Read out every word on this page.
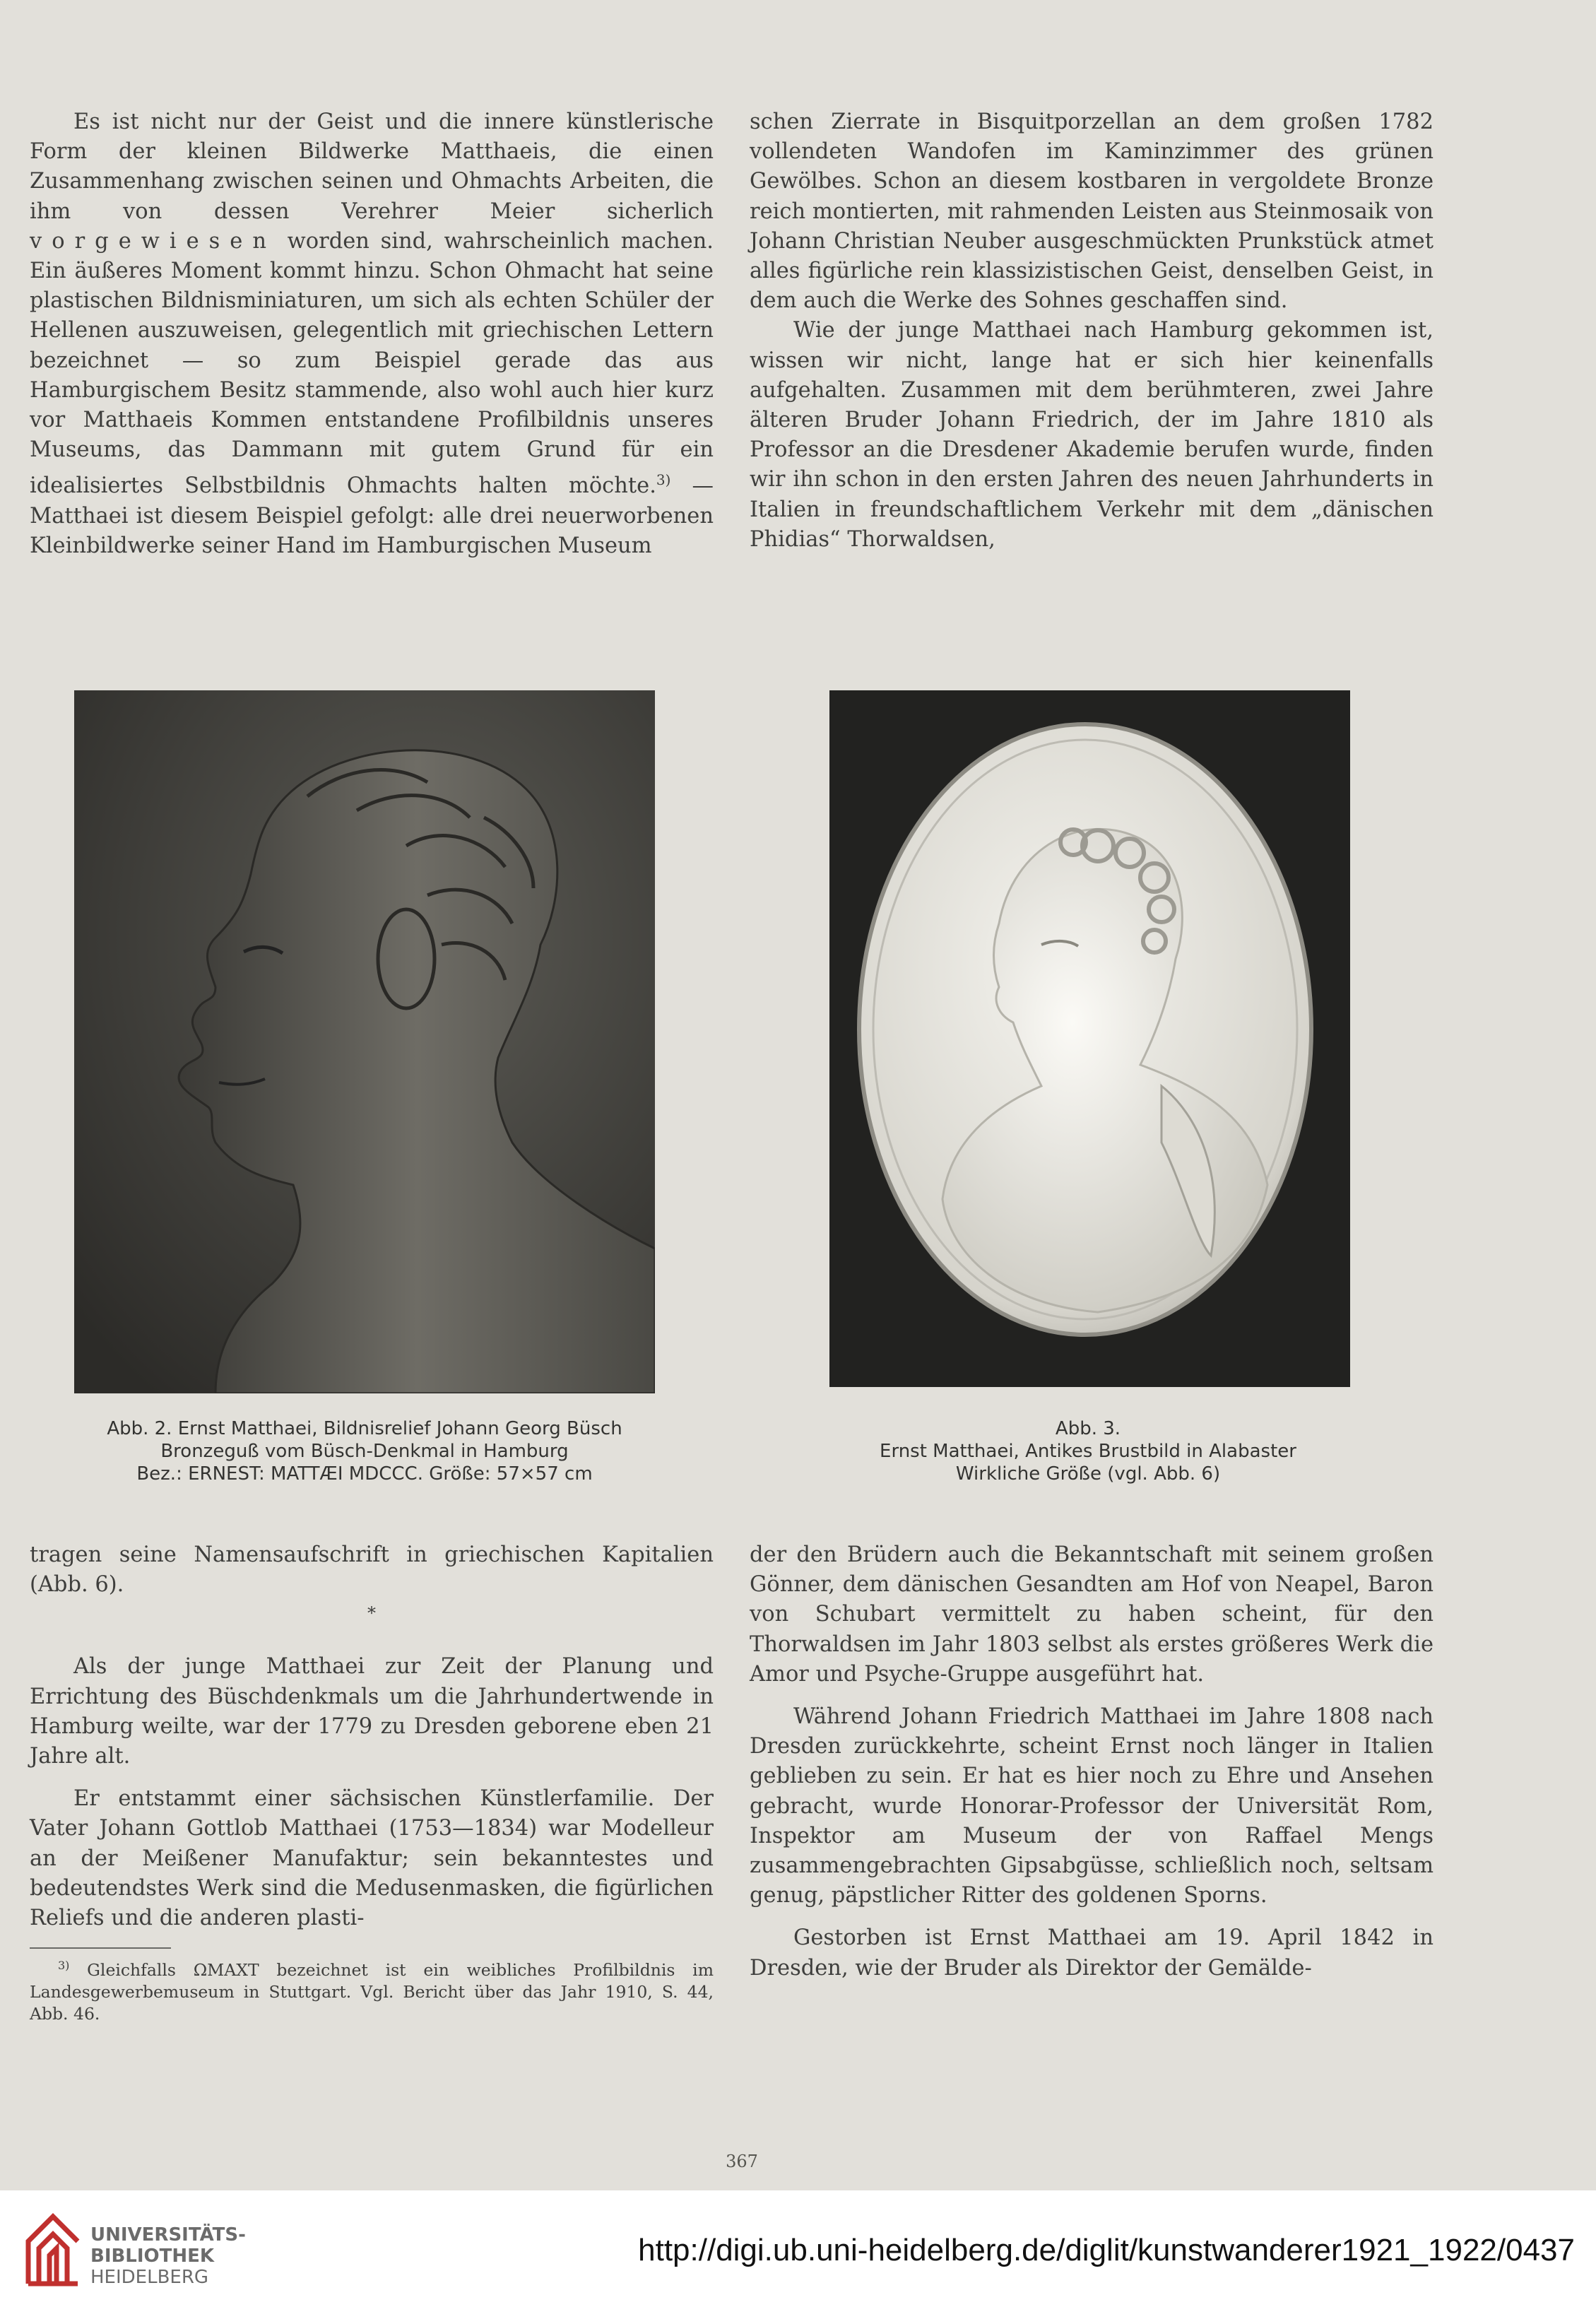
Es ist nicht nur der Geist und die innere künstlerische Form der kleinen Bildwerke Matthaeis, die einen Zusammenhang zwischen seinen und Ohmachts Arbeiten, die ihm von dessen Verehrer Meier sicherlich vorgewiesen worden sind, wahrscheinlich machen. Ein äußeres Moment kommt hinzu. Schon Ohmacht hat seine plastischen Bildnisminiaturen, um sich als echten Schüler der Hellenen auszuweisen, gelegentlich mit griechischen Lettern bezeichnet — so zum Beispiel gerade das aus Hamburgischem Besitz stammende, also wohl auch hier kurz vor Matthaeis Kommen entstandene Profilbildnis unseres Museums, das Dammann mit gutem Grund für ein idealisiertes Selbstbildnis Ohmachts halten möchte.$^{3)}$ — Matthaei ist diesem Beispiel gefolgt: alle drei neuerworbenen Kleinbildwerke seiner Hand im Hamburgischen Museum

schen Zierrate in Bisquitporzellan an dem großen 1782 vollendeten Wandofen im Kaminzimmer des grünen Gewölbes. Schon an diesem kostbaren in vergoldete Bronze reich montierten, mit rahmenden Leisten aus Steinmosaik von Johann Christian Neuber ausgeschmückten Prunkstück atmet alles figürliche rein klassizistischen Geist, denselben Geist, in dem auch die Werke des Sohnes geschaffen sind.

Wie der junge Matthaei nach Hamburg gekommen ist, wissen wir nicht, lange hat er sich hier keinenfalls aufgehalten. Zusammen mit dem berühmteren, zwei Jahre älteren Bruder Johann Friedrich, der im Jahre 1810 als Professor an die Dresdener Akademie berufen wurde, finden wir ihn schon in den ersten Jahren des neuen Jahrhunderts in Italien in freundschaftlichem Verkehr mit dem „dänischen Phidias“ Thorwaldsen,

Abb. 2. Ernst Matthaei, Bildnisrelief Johann Georg Büsch
Bronzeguß vom Büsch-Denkmal in Hamburg
Bez.: ERNEST: MATTÆI MDCCC. Größe: 57×57 cm
Abb. 3.
Ernst Matthaei, Antikes Brustbild in Alabaster
Wirkliche Größe (vgl. Abb. 6)

tragen seine Namensaufschrift in griechischen Kapitalien (Abb. 6).

*

Als der junge Matthaei zur Zeit der Planung und Errichtung des Büschdenkmals um die Jahrhundertwende in Hamburg weilte, war der 1779 zu Dresden geborene eben 21 Jahre alt.

Er entstammt einer sächsischen Künstlerfamilie. Der Vater Johann Gottlob Matthaei (1753—1834) war Modelleur an der Meißener Manufaktur; sein bekanntestes und bedeutendstes Werk sind die Medusenmasken, die figürlichen Reliefs und die anderen plasti-

$^{3)}$ Gleichfalls ΩMAXT bezeichnet ist ein weibliches Profilbildnis im Landesgewerbemuseum in Stuttgart. Vgl. Bericht über das Jahr 1910, S. 44, Abb. 46.

der den Brüdern auch die Bekanntschaft mit seinem großen Gönner, dem dänischen Gesandten am Hof von Neapel, Baron von Schubart vermittelt zu haben scheint, für den Thorwaldsen im Jahr 1803 selbst als erstes größeres Werk die Amor und Psyche-Gruppe ausgeführt hat.

Während Johann Friedrich Matthaei im Jahre 1808 nach Dresden zurückkehrte, scheint Ernst noch länger in Italien geblieben zu sein. Er hat es hier noch zu Ehre und Ansehen gebracht, wurde Honorar-Professor der Universität Rom, Inspektor am Museum der von Raffael Mengs zusammengebrachten Gipsabgüsse, schließlich noch, seltsam genug, päpstlicher Ritter des goldenen Sporns.

Gestorben ist Ernst Matthaei am 19. April 1842 in Dresden, wie der Bruder als Direktor der Gemälde-

367
UNIVERSITÄTS-
BIBLIOTHEK
HEIDELBERG
http://digi.ub.uni-heidelberg.de/diglit/kunstwanderer1921_1922/0437
